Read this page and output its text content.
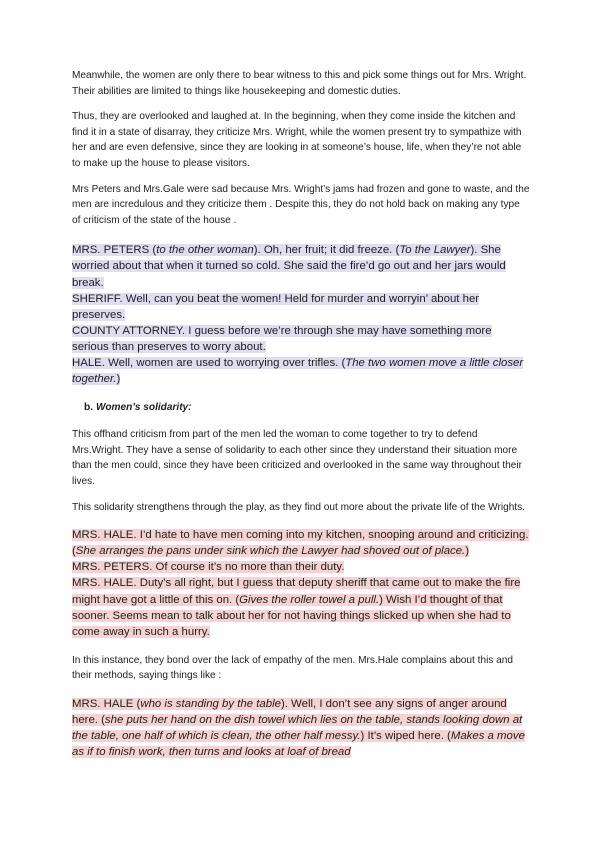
Meanwhile, the women are only there to bear witness to this and pick some things out for Mrs. Wright. Their abilities are limited to things like housekeeping and domestic duties.

Thus, they are overlooked and laughed at. In the beginning, when they come inside the kitchen and find it in a state of disarray, they criticize Mrs. Wright, while the women present try to sympathize with her and are even defensive, since they are looking in at someone’s house, life, when they’re not able to make up the house to please visitors.

Mrs Peters and Mrs.Gale were sad because Mrs. Wright’s jams had frozen and gone to waste, and the men are incredulous and they criticize them . Despite this, they do not hold back on making any type of criticism of the state of the house .

MRS. PETERS (to the other woman). Oh, her fruit; it did freeze. (To the Lawyer). She worried about that when it turned so cold. She said the fire’d go out and her jars would break.
SHERIFF. Well, can you beat the women! Held for murder and worryin’ about her preserves.
COUNTY ATTORNEY. I guess before we’re through she may have something more serious than preserves to worry about.
HALE. Well, women are used to worrying over trifles. (The two women move a little closer together.)
b. Women’s solidarity:

This offhand criticism from part of the men led the woman to come together to try to defend Mrs.Wright. They have a sense of solidarity to each other since they understand their situation more than the men could, since they have been criticized and overlooked in the same way throughout their lives.

This solidarity strengthens through the play, as they find out more about the private life of the Wrights.

MRS. HALE. I’d hate to have men coming into my kitchen, snooping around and criticizing. (She arranges the pans under sink which the Lawyer had shoved out of place.)
MRS. PETERS. Of course it’s no more than their duty.
MRS. HALE. Duty’s all right, but I guess that deputy sheriff that came out to make the fire might have got a little of this on. (Gives the roller towel a pull.) Wish I’d thought of that sooner. Seems mean to talk about her for not having things slicked up when she had to come away in such a hurry.

In this instance, they bond over the lack of empathy of the men. Mrs.Hale complains about this and their methods, saying things like :

MRS. HALE (who is standing by the table). Well, I don’t see any signs of anger around here. (she puts her hand on the dish towel which lies on the table, stands looking down at the table, one half of which is clean, the other half messy.) It’s wiped here. (Makes a move as if to finish work, then turns and looks at loaf of bread
